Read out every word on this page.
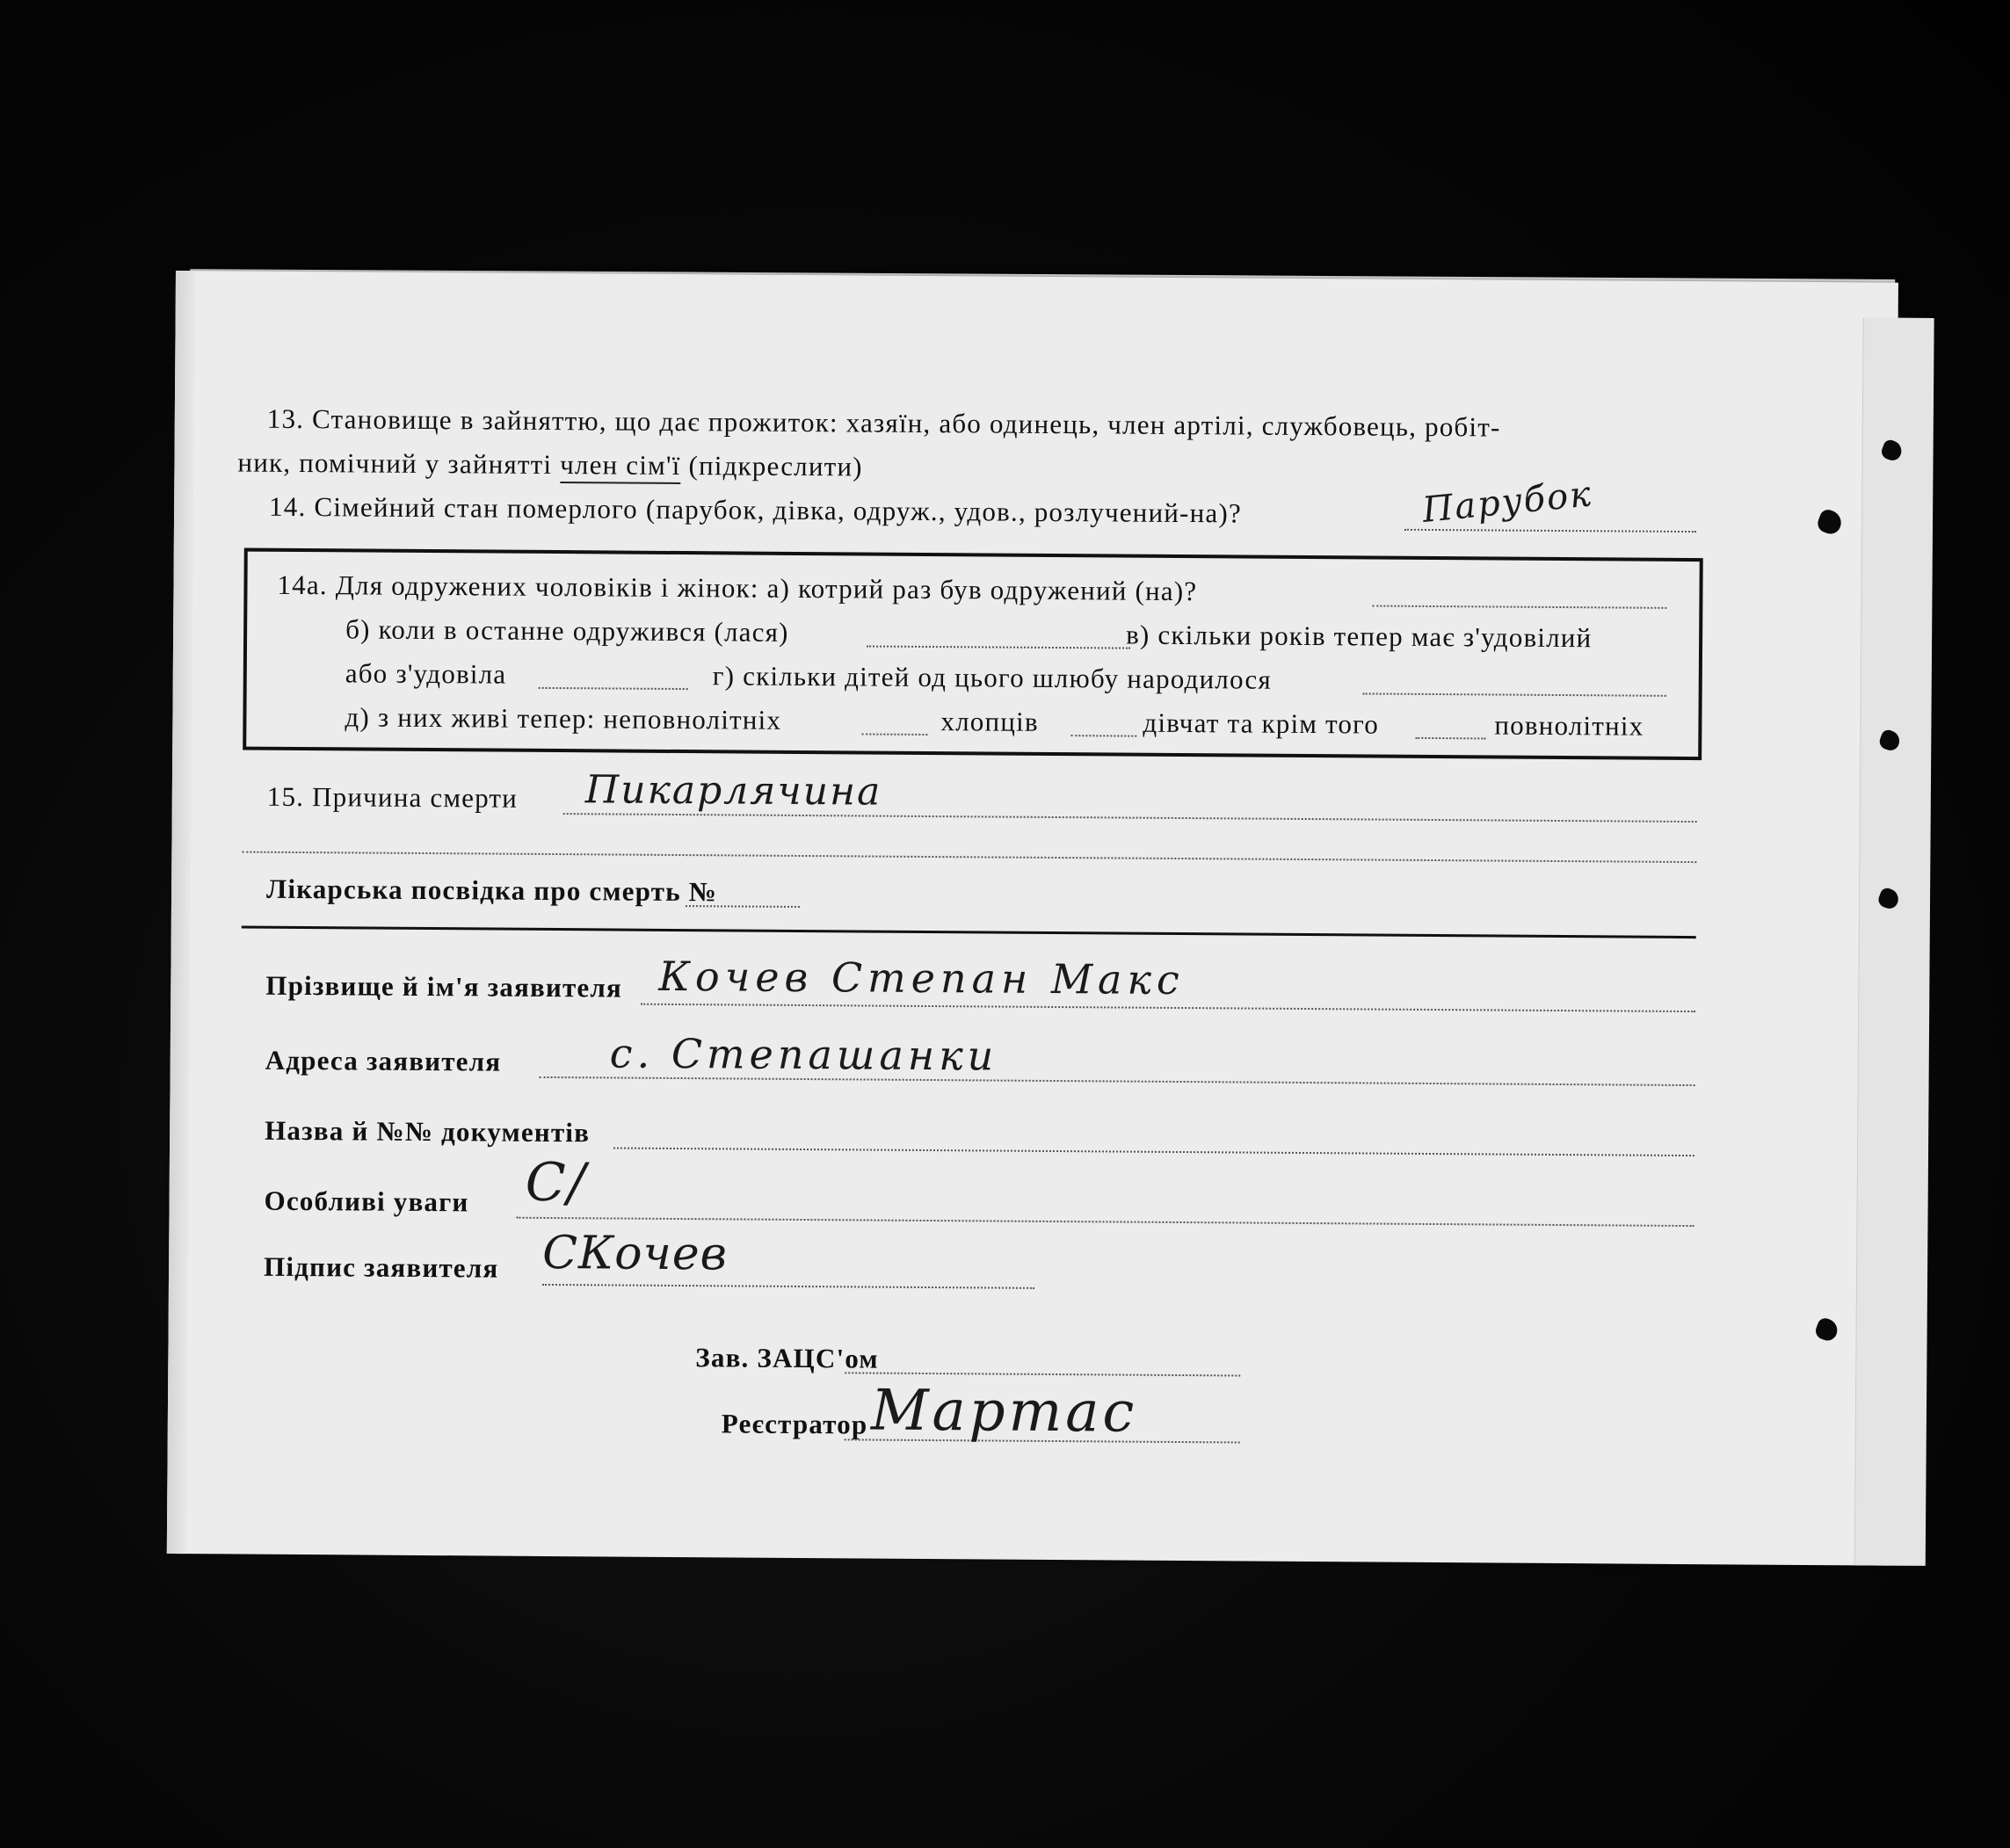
13. Становище в зайняттю, що дає прожиток: хазяїн, або одинець, член артілі, службовець, робіт-
ник, помічний у зайнятті член сім'ї (підкреслити)
14. Сімейний стан померлого (парубок, дівка, одруж., удов., розлучений-на)?	Парубок
14а. Для одружених чоловіків і жінок: а) котрий раз був одружений (на)?
б) коли в останне одружився (лася)	в) скільки років тепер має з'удовілий
або з'удовіла	г) скільки дітей од цього шлюбу народилося
д) з них живі тепер: неповнолітніх	хлопців	дівчат та крім того	повнолітніх
15. Причина смерти Пикарлячина
Лікарська посвідка про смерть №
Прізвище й ім'я заявителя Кочев Степан Макс
Адреса заявителя	с. Степашанки
Назва й №№ документів
Особливі уваги С/
Підпис заявителя СКочев
Зав. ЗАЦС'ом
Реєстратор Мартас
